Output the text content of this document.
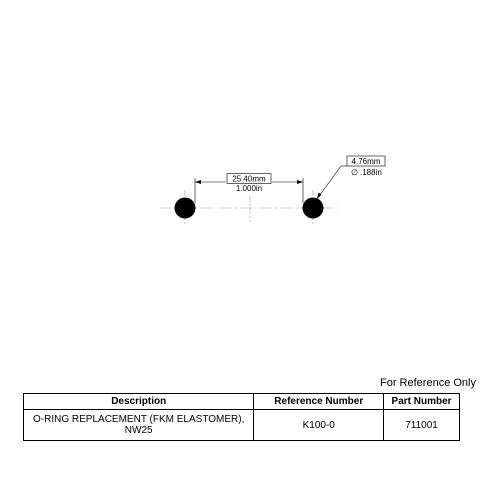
25.40mm
1.000in
4.76mm
∅ .188in
For Reference Only
Description	Reference Number	Part Number
O-RING REPLACEMENT (FKM ELASTOMER), NW25	K100-0	711001
